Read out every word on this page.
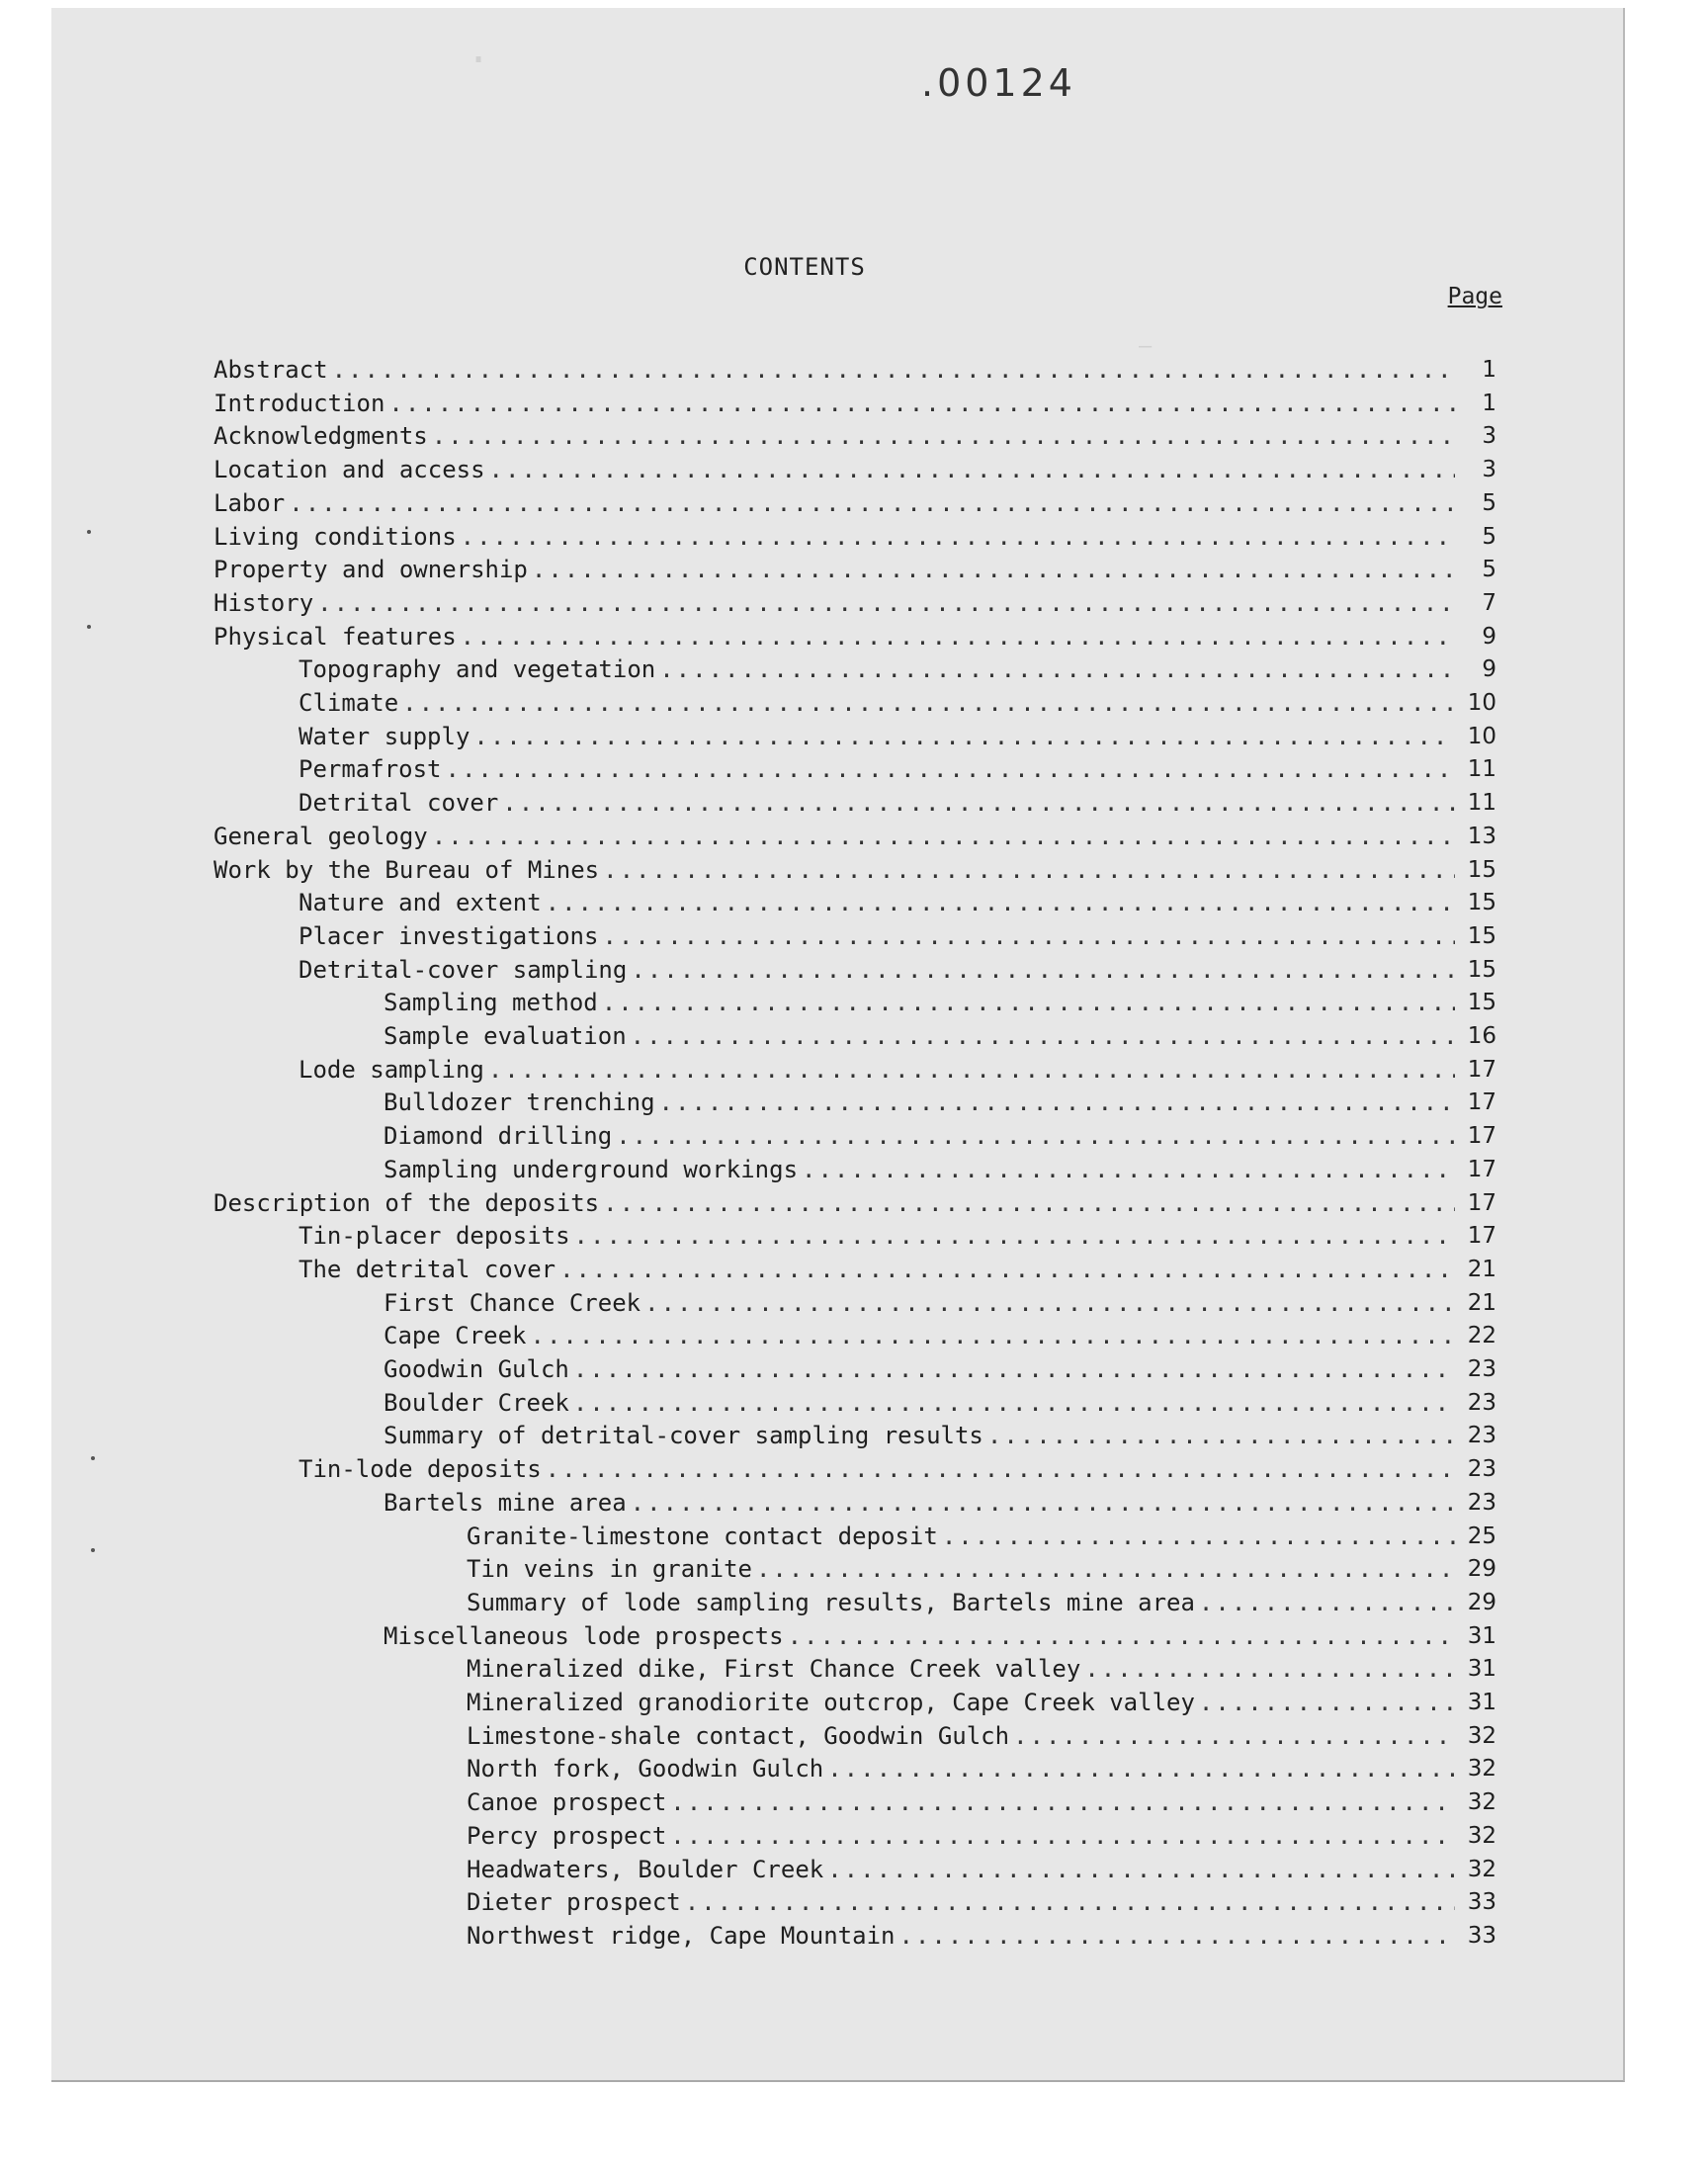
·
—
.00124
CONTENTS
Page
Abstract .....	1
Introduction .....	1
Acknowledgments .....	3
Location and access .....	3
Labor .....	5
Living conditions .....	5
Property and ownership .....	5
History .....	7
Physical features .....	9
Topography and vegetation .....	9
Climate .....	10
Water supply .....	10
Permafrost .....	11
Detrital cover .....	11
General geology .....	13
Work by the Bureau of Mines .....	15
Nature and extent .....	15
Placer investigations .....	15
Detrital-cover sampling .....	15
Sampling method .....	15
Sample evaluation .....	16
Lode sampling .....	17
Bulldozer trenching .....	17
Diamond drilling .....	17
Sampling underground workings .....	17
Description of the deposits .....	17
Tin-placer deposits .....	17
The detrital cover .....	21
First Chance Creek .....	21
Cape Creek .....	22
Goodwin Gulch .....	23
Boulder Creek .....	23
Summary of detrital-cover sampling results .....	23
Tin-lode deposits .....	23
Bartels mine area .....	23
Granite-limestone contact deposit .....	25
Tin veins in granite .....	29
Summary of lode sampling results, Bartels mine area .....	29
Miscellaneous lode prospects .....	31
Mineralized dike, First Chance Creek valley .....	31
Mineralized granodiorite outcrop, Cape Creek valley .....	31
Limestone-shale contact, Goodwin Gulch .....	32
North fork, Goodwin Gulch .....	32
Canoe prospect .....	32
Percy prospect .....	32
Headwaters, Boulder Creek .....	32
Dieter prospect .....	33
Northwest ridge, Cape Mountain .....	33
